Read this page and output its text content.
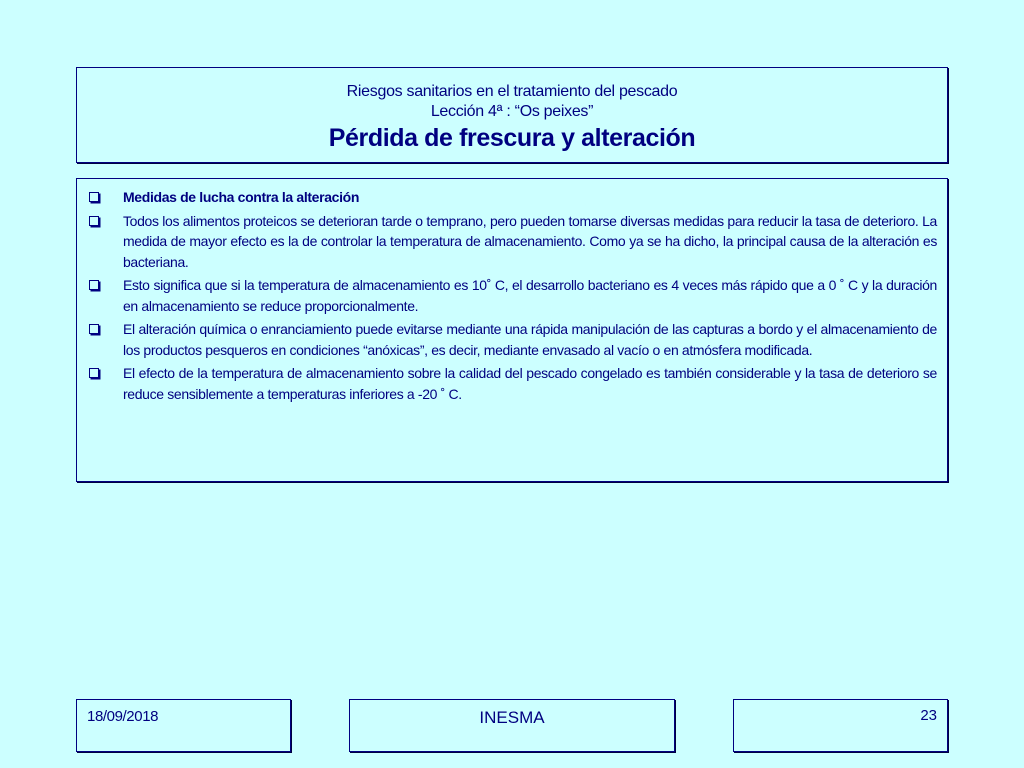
Riesgos sanitarios en el tratamiento del pescado
Lección 4ª : “Os peixes”
Pérdida de frescura y alteración
Medidas de lucha contra la alteración
Todos los alimentos proteicos se deterioran tarde o temprano, pero pueden tomarse diversas medidas para reducir la tasa de deterioro. La medida de mayor efecto es la de controlar la temperatura de almacenamiento. Como ya se ha dicho, la principal causa de la alteración es bacteriana.
Esto significa que si la temperatura de almacenamiento es 10˚ C, el desarrollo bacteriano es 4 veces más rápido que a 0 ˚ C y la duración en almacenamiento se reduce proporcionalmente.
El alteración química o enranciamiento puede evitarse mediante una rápida manipulación de las capturas a bordo y el almacenamiento de los productos pesqueros en condiciones “anóxicas”, es decir, mediante envasado al vacío o en atmósfera modificada.
El efecto de la temperatura de almacenamiento sobre la calidad del pescado congelado es también considerable y la tasa de deterioro se reduce sensiblemente a temperaturas inferiores a -20 ˚ C.
18/09/2018	INESMA	23
